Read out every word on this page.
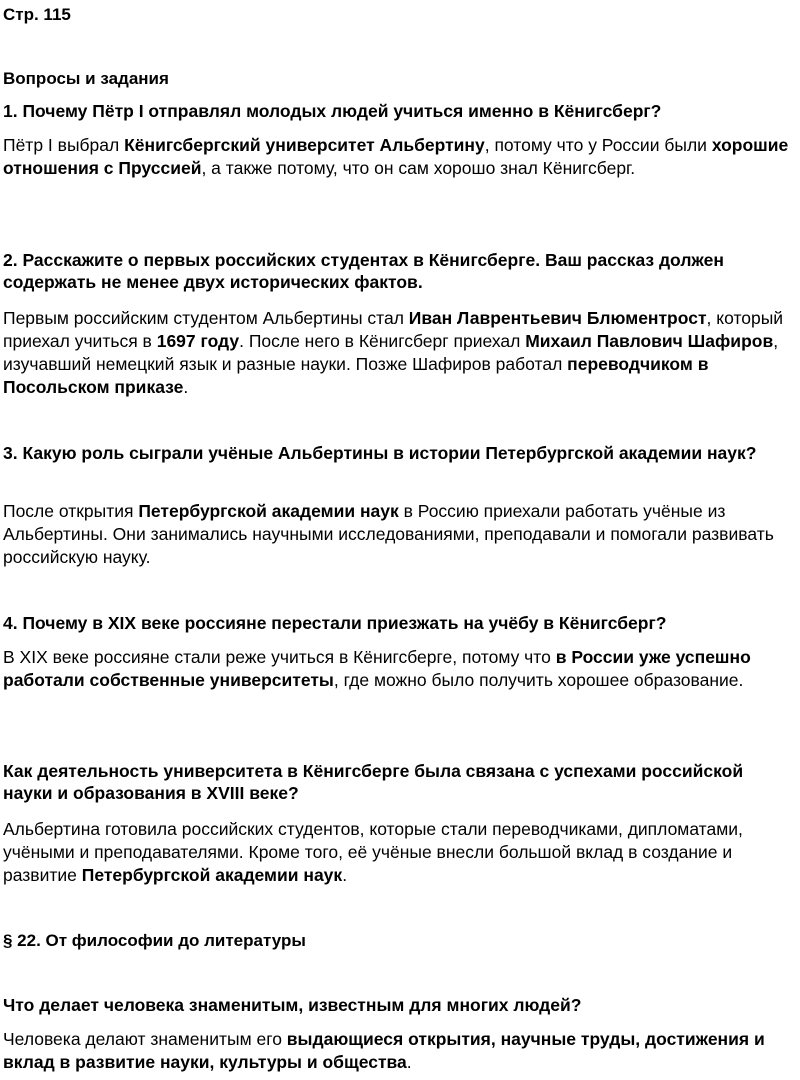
Стр. 115
Вопросы и задания

1. Почему Пётр I отправлял молодых людей учиться именно в Кёнигсберг?

Пётр I выбрал Кёнигсбергский университет Альбертину, потому что у России были хорошие отношения с Пруссией, а также потому, что он сам хорошо знал Кёнигсберг.

2. Расскажите о первых российских студентах в Кёнигсберге. Ваш рассказ должен содержать не менее двух исторических фактов.

Первым российским студентом Альбертины стал Иван Лаврентьевич Блюментрост, который приехал учиться в 1697 году. После него в Кёнигсберг приехал Михаил Павлович Шафиров, изучавший немецкий язык и разные науки. Позже Шафиров работал переводчиком в Посольском приказе.

3. Какую роль сыграли учёные Альбертины в истории Петербургской академии наук?

После открытия Петербургской академии наук в Россию приехали работать учёные из Альбертины. Они занимались научными исследованиями, преподавали и помогали развивать российскую науку.

4. Почему в XIX веке россияне перестали приезжать на учёбу в Кёнигсберг?

В XIX веке россияне стали реже учиться в Кёнигсберге, потому что в России уже успешно работали собственные университеты, где можно было получить хорошее образование.

Как деятельность университета в Кёнигсберге была связана с успехами российской науки и образования в XVIII веке?

Альбертина готовила российских студентов, которые стали переводчиками, дипломатами, учёными и преподавателями. Кроме того, её учёные внесли большой вклад в создание и развитие Петербургской академии наук.

§ 22. От философии до литературы

Что делает человека знаменитым, известным для многих людей?

Человека делают знаменитым его выдающиеся открытия, научные труды, достижения и вклад в развитие науки, культуры и общества.
